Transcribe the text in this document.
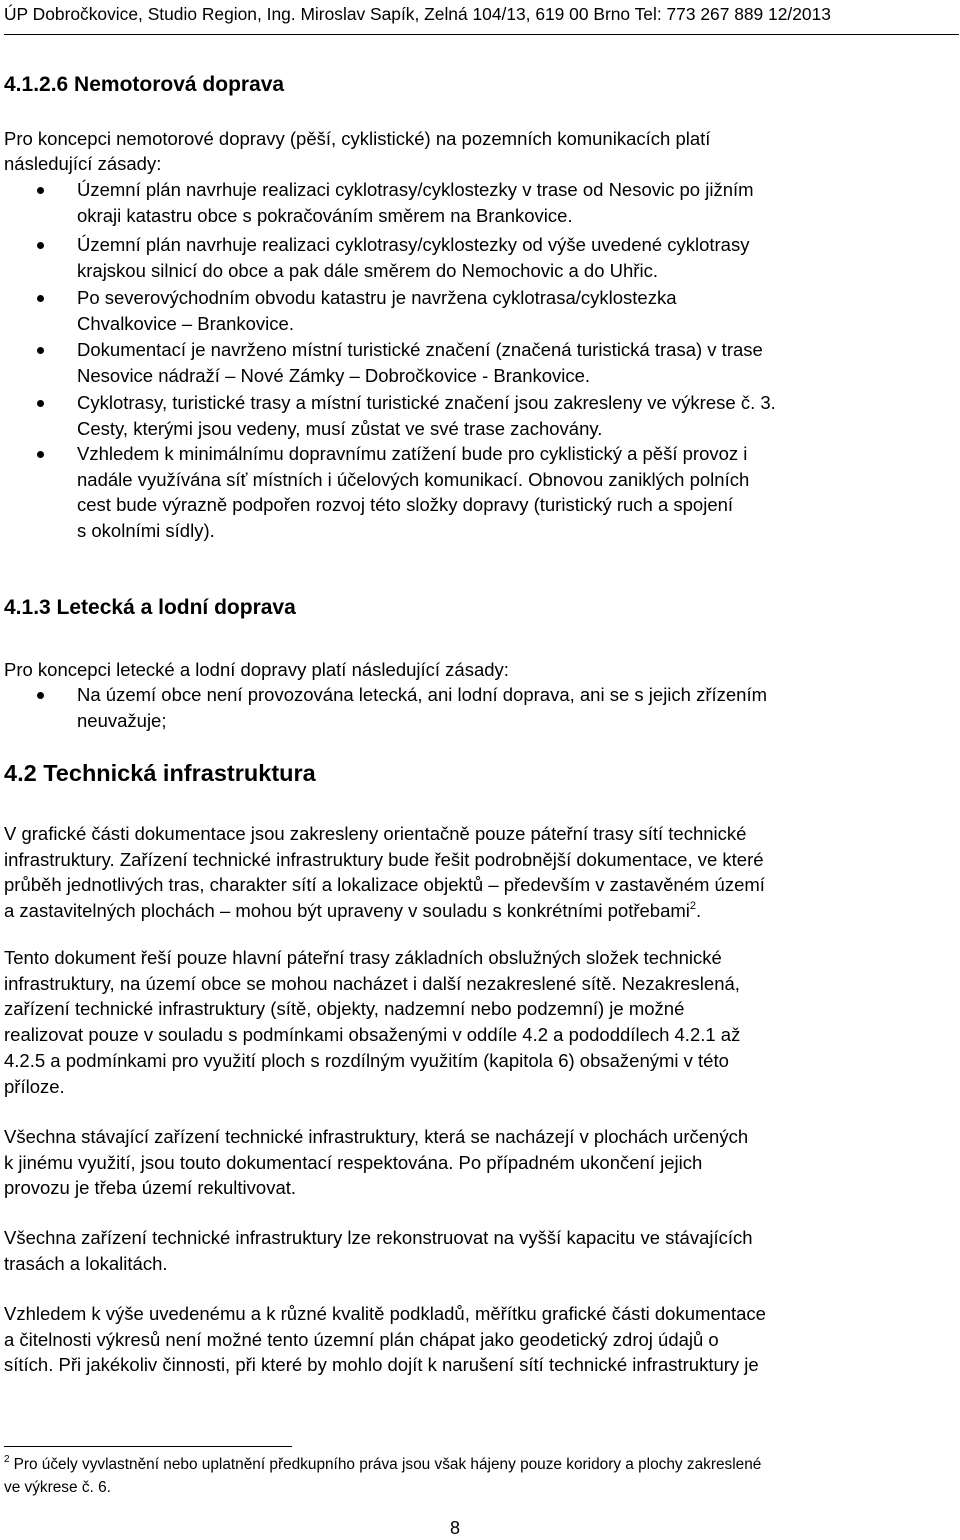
ÚP Dobročkovice, Studio Region, Ing. Miroslav Sapík, Zelná 104/13, 619 00 Brno Tel: 773 267 889 12/2013
4.1.2.6 Nemotorová doprava
Pro koncepci nemotorové dopravy (pěší, cyklistické) na pozemních komunikacích platí
následující zásady:
Územní plán navrhuje realizaci cyklotrasy/cyklostezky v trase od Nesovic po jižním
okraji katastru obce s pokračováním směrem na Brankovice.
Územní plán navrhuje realizaci cyklotrasy/cyklostezky od výše uvedené cyklotrasy
krajskou silnicí do obce a pak dále směrem do Nemochovic a do Uhřic.
Po severovýchodním obvodu katastru je navržena cyklotrasa/cyklostezka
Chvalkovice – Brankovice.
Dokumentací je navrženo místní turistické značení (značená turistická trasa) v trase
Nesovice nádraží – Nové Zámky – Dobročkovice - Brankovice.
Cyklotrasy, turistické trasy a místní turistické značení jsou zakresleny ve výkrese č. 3.
Cesty, kterými jsou vedeny, musí zůstat ve své trase zachovány.
Vzhledem k minimálnímu dopravnímu zatížení bude pro cyklistický a pěší provoz i
nadále využívána síť místních i účelových komunikací. Obnovou zaniklých polních
cest bude výrazně podpořen rozvoj této složky dopravy (turistický ruch a spojení
s okolními sídly).
4.1.3 Letecká a lodní doprava
Pro koncepci letecké a lodní dopravy platí následující zásady:
Na území obce není provozována letecká, ani lodní doprava, ani se s jejich zřízením
neuvažuje;
4.2 Technická infrastruktura
V grafické části dokumentace jsou zakresleny orientačně pouze páteřní trasy sítí technické
infrastruktury. Zařízení technické infrastruktury bude řešit podrobnější dokumentace, ve které
průběh jednotlivých tras, charakter sítí a lokalizace objektů – především v zastavěném území
a zastavitelných plochách – mohou být upraveny v souladu s konkrétními potřebami$^2$.
Tento dokument řeší pouze hlavní páteřní trasy základních obslužných složek technické
infrastruktury, na území obce se mohou nacházet i další nezakreslené sítě. Nezakreslená,
zařízení technické infrastruktury (sítě, objekty, nadzemní nebo podzemní) je možné
realizovat pouze v souladu s podmínkami obsaženými v oddíle 4.2 a pododdílech 4.2.1 až
4.2.5 a podmínkami pro využití ploch s rozdílným využitím (kapitola 6) obsaženými v této
příloze.
Všechna stávající zařízení technické infrastruktury, která se nacházejí v plochách určených
k jinému využití, jsou touto dokumentací respektována. Po případném ukončení jejich
provozu je třeba území rekultivovat.
Všechna zařízení technické infrastruktury lze rekonstruovat na vyšší kapacitu ve stávajících
trasách a lokalitách.
Vzhledem k výše uvedenému a k různé kvalitě podkladů, měřítku grafické části dokumentace
a čitelnosti výkresů není možné tento územní plán chápat jako geodetický zdroj údajů o
sítích. Při jakékoliv činnosti, při které by mohlo dojít k narušení sítí technické infrastruktury je
$^2$ Pro účely vyvlastnění nebo uplatnění předkupního práva jsou však hájeny pouze koridory a plochy zakreslené
ve výkrese č. 6.
8
